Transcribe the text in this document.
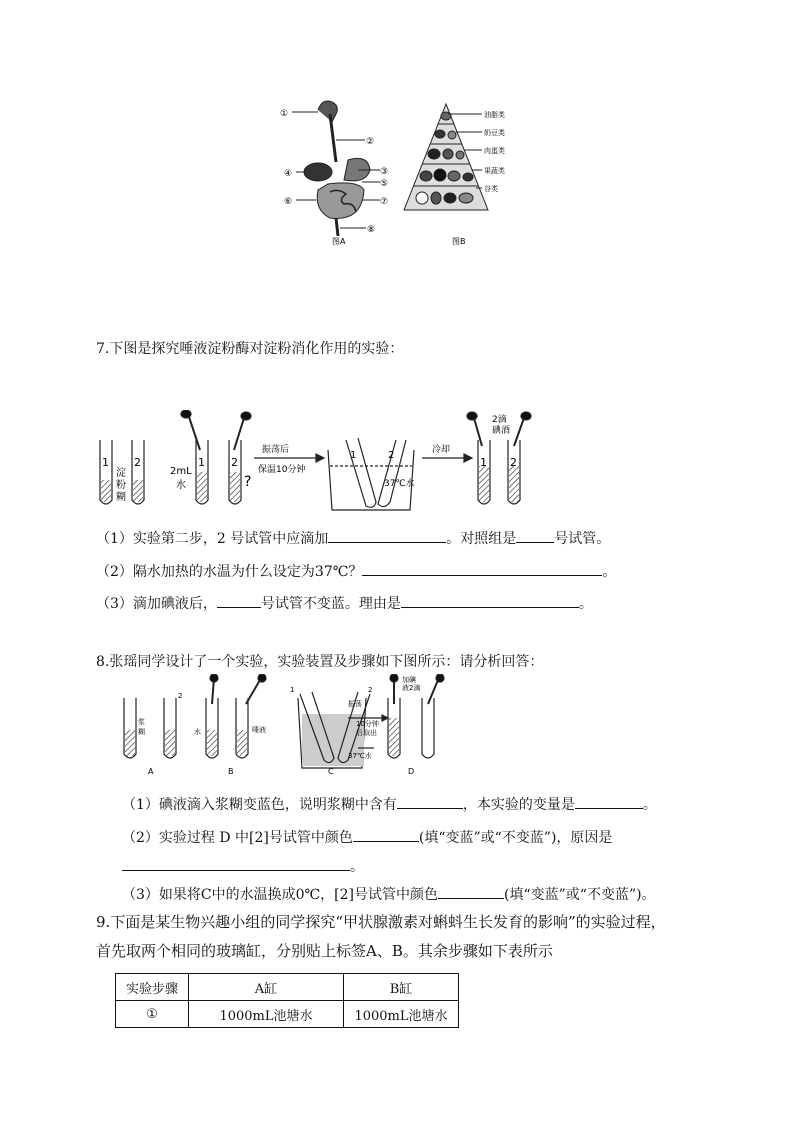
①
②
③
④
⑤
⑥	⑦
⑧
图A
油脂类
奶豆类
肉蛋类
果蔬类
谷类
图B
7.下图是探究唾液淀粉酶对淀粉消化作用的实验：
1 2
淀
粉
糊
1 2
2mL
水	?
振荡后
保温10分钟
1	2
37℃水
冷却
1 2
2滴
碘酒
（1）实验第二步，2 号试管中应滴加	。对照组是	号试管。
（2）隔水加热的水温为什么设定为37℃？	。
（3）滴加碘液后，	号试管不变蓝。理由是	。
8.张瑶同学设计了一个实验，实验装置及步骤如下图所示：请分析回答：
浆
糊
2
水	唾液
1	2
振荡
10分钟
后取出
37℃水
加碘
液2滴
A	B	C	D
（1）碘液滴入浆糊变蓝色，说明浆糊中含有	，本实验的变量是	。
（2）实验过程 D 中[2]号试管中颜色	(填“变蓝”或“不变蓝”)，原因是
。
（3）如果将C中的水温换成0℃，[2]号试管中颜色	(填“变蓝”或“不变蓝”)。
9.下面是某生物兴趣小组的同学探究“甲状腺激素对蝌蚪生长发育的影响”的实验过程，
首先取两个相同的玻璃缸，分别贴上标签A、B。其余步骤如下表所示
实验步骤	A缸	B缸
①	1000mL池塘水	1000mL池塘水
